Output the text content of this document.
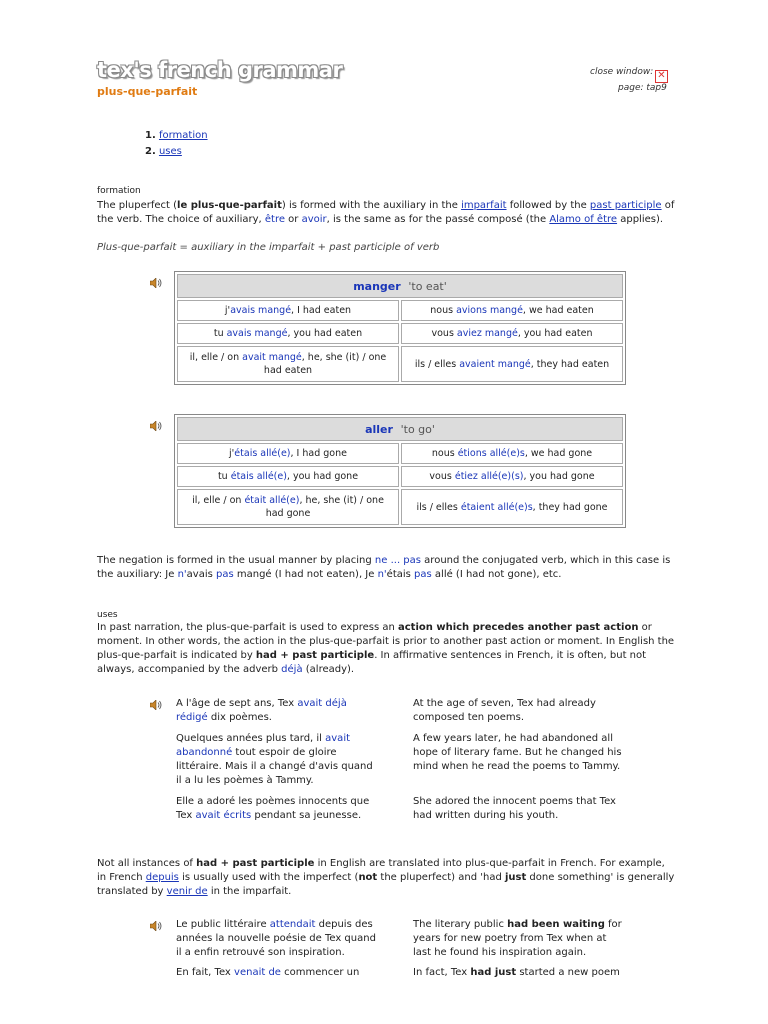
tex's french grammar
plus-que-parfait
close window: ✕
page: tap9
1. formation
2. uses
formation
The pluperfect (le plus-que-parfait) is formed with the auxiliary in the imparfait followed by the past participle of the verb. The choice of auxiliary, être or avoir, is the same as for the passé composé (the Alamo of être applies).
Plus-que-parfait = auxiliary in the imparfait + past participle of verb
manger 'to eat'	
j'avais mangé, I had eaten	nous avions mangé, we had eaten
tu avais mangé, you had eaten	vous aviez mangé, you had eaten
il, elle / on avait mangé, he, she (it) / one had eaten	ils / elles avaient mangé, they had eaten
aller 'to go'	
j'étais allé(e), I had gone	nous étions allé(e)s, we had gone
tu étais allé(e), you had gone	vous étiez allé(e)(s), you had gone
il, elle / on était allé(e), he, she (it) / one had gone	ils / elles étaient allé(e)s, they had gone
The negation is formed in the usual manner by placing ne ... pas around the conjugated verb, which in this case is the auxiliary: Je n'avais pas mangé (I had not eaten), Je n'étais pas allé (I had not gone), etc.
uses
In past narration, the plus-que-parfait is used to express an action which precedes another past action or moment. In other words, the action in the plus-que-parfait is prior to another past action or moment. In English the plus-que-parfait is indicated by had + past participle. In affirmative sentences in French, it is often, but not always, accompanied by the adverb déjà (already).
A l'âge de sept ans, Tex avait déjà rédigé dix poèmes.
At the age of seven, Tex had already composed ten poems.
Quelques années plus tard, il avait abandonné tout espoir de gloire littéraire. Mais il a changé d'avis quand il a lu les poèmes à Tammy.
A few years later, he had abandoned all hope of literary fame. But he changed his mind when he read the poems to Tammy.
Elle a adoré les poèmes innocents que Tex avait écrits pendant sa jeunesse.
She adored the innocent poems that Tex had written during his youth.
Not all instances of had + past participle in English are translated into plus-que-parfait in French. For example, in French depuis is usually used with the imperfect (not the pluperfect) and 'had just done something' is generally translated by venir de in the imparfait.
Le public littéraire attendait depuis des années la nouvelle poésie de Tex quand il a enfin retrouvé son inspiration.
The literary public had been waiting for years for new poetry from Tex when at last he found his inspiration again.
En fait, Tex venait de commencer un	In fact, Tex had just started a new poem
